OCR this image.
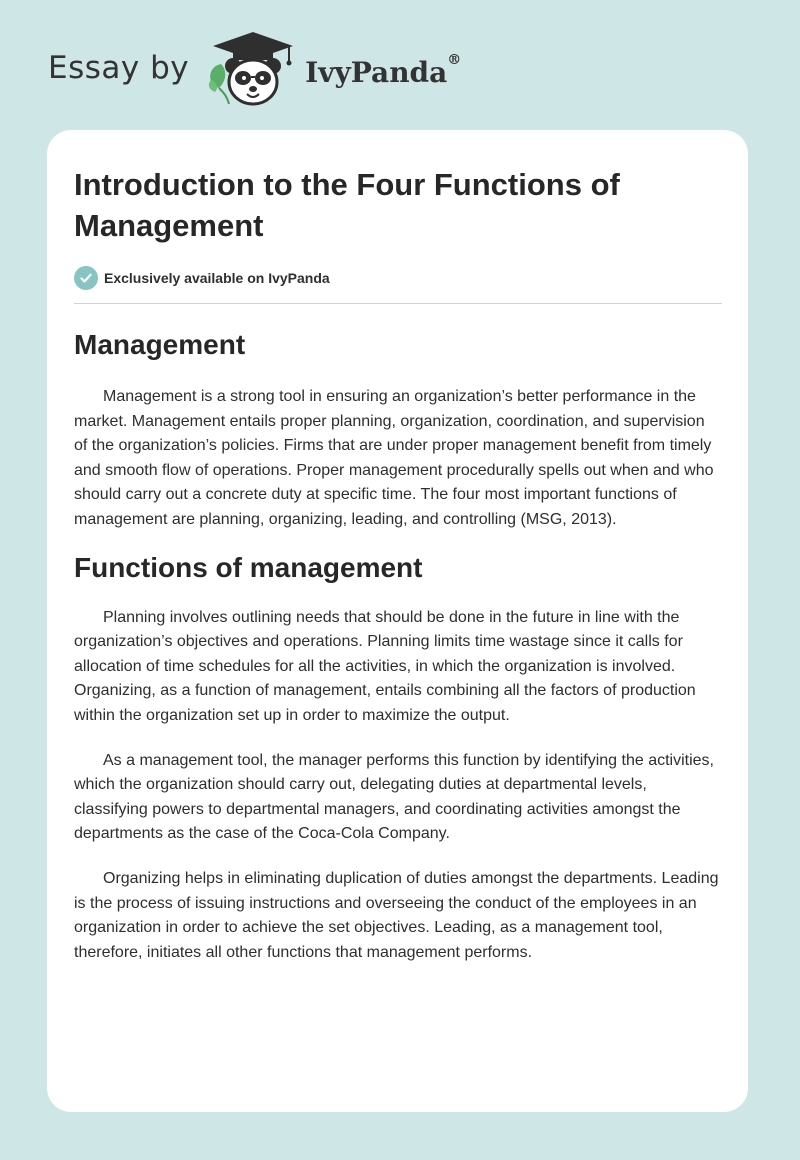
Essay by	IvyPanda®
Introduction to the Four Functions of Management
Exclusively available on IvyPanda
Management

Management is a strong tool in ensuring an organization’s better performance in the market. Management entails proper planning, organization, coordination, and supervision of the organization’s policies. Firms that are under proper management benefit from timely and smooth flow of operations. Proper management procedurally spells out when and who should carry out a concrete duty at specific time. The four most important functions of management are planning, organizing, leading, and controlling (MSG, 2013).

Functions of management

Planning involves outlining needs that should be done in the future in line with the organization’s objectives and operations. Planning limits time wastage since it calls for allocation of time schedules for all the activities, in which the organization is involved. Organizing, as a function of management, entails combining all the factors of production within the organization set up in order to maximize the output.

As a management tool, the manager performs this function by identifying the activities, which the organization should carry out, delegating duties at departmental levels, classifying powers to departmental managers, and coordinating activities amongst the departments as the case of the Coca-Cola Company.

Organizing helps in eliminating duplication of duties amongst the departments. Leading is the process of issuing instructions and overseeing the conduct of the employees in an organization in order to achieve the set objectives. Leading, as a management tool, therefore, initiates all other functions that management performs.
